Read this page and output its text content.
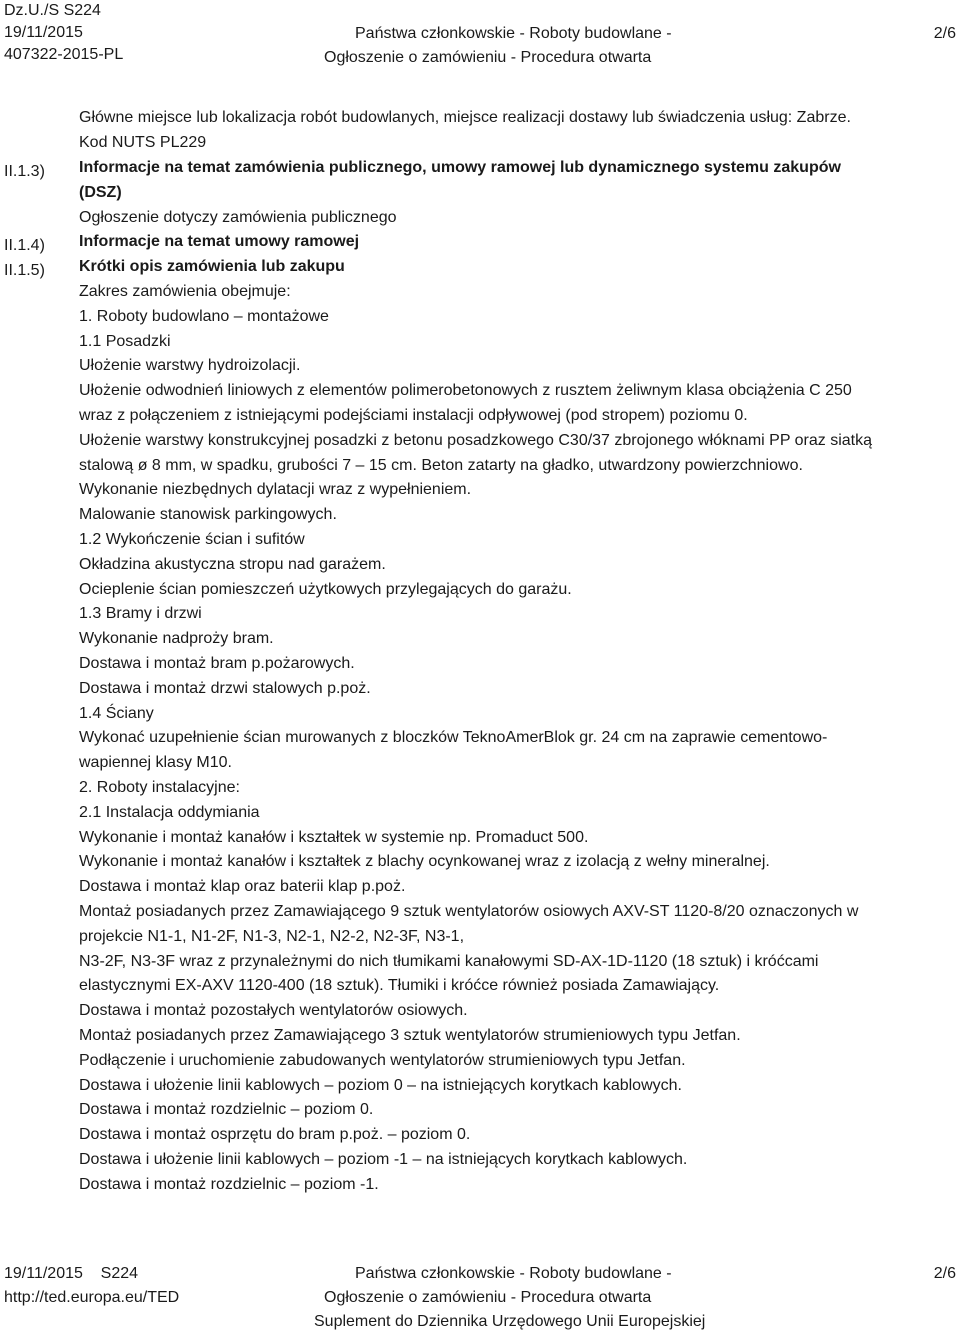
Dz.U./S S224
19/11/2015
407322-2015-PL
Państwa członkowskie - Roboty budowlane -
Ogłoszenie o zamówieniu - Procedura otwarta
2/6
Główne miejsce lub lokalizacja robót budowlanych, miejsce realizacji dostawy lub świadczenia usług: Zabrze.
Kod NUTS PL229
Informacje na temat zamówienia publicznego, umowy ramowej lub dynamicznego systemu zakupów
(DSZ)
Ogłoszenie dotyczy zamówienia publicznego
Informacje na temat umowy ramowej
Krótki opis zamówienia lub zakupu
Zakres zamówienia obejmuje:
1. Roboty budowlano – montażowe
1.1 Posadzki
Ułożenie warstwy hydroizolacji.
Ułożenie odwodnień liniowych z elementów polimerobetonowych z rusztem żeliwnym klasa obciążenia C 250
wraz z połączeniem z istniejącymi podejściami instalacji odpływowej (pod stropem) poziomu 0.
Ułożenie warstwy konstrukcyjnej posadzki z betonu posadzkowego C30/37 zbrojonego włóknami PP oraz siatką
stalową ø 8 mm, w spadku, grubości 7 – 15 cm. Beton zatarty na gładko, utwardzony powierzchniowo.
Wykonanie niezbędnych dylatacji wraz z wypełnieniem.
Malowanie stanowisk parkingowych.
1.2 Wykończenie ścian i sufitów
Okładzina akustyczna stropu nad garażem.
Ocieplenie ścian pomieszczeń użytkowych przylegających do garażu.
1.3 Bramy i drzwi
Wykonanie nadproży bram.
Dostawa i montaż bram p.pożarowych.
Dostawa i montaż drzwi stalowych p.poż.
1.4 Ściany
Wykonać uzupełnienie ścian murowanych z bloczków TeknoAmerBlok gr. 24 cm na zaprawie cementowo-
wapiennej klasy M10.
2. Roboty instalacyjne:
2.1 Instalacja oddymiania
Wykonanie i montaż kanałów i kształtek w systemie np. Promaduct 500.
Wykonanie i montaż kanałów i kształtek z blachy ocynkowanej wraz z izolacją z wełny mineralnej.
Dostawa i montaż klap oraz baterii klap p.poż.
Montaż posiadanych przez Zamawiającego 9 sztuk wentylatorów osiowych AXV-ST 1120-8/20 oznaczonych w
projekcie N1-1, N1-2F, N1-3, N2-1, N2-2, N2-3F, N3-1,
N3-2F, N3-3F wraz z przynależnymi do nich tłumikami kanałowymi SD-AX-1D-1120 (18 sztuk) i króćcami
elastycznymi EX-AXV 1120-400 (18 sztuk). Tłumiki i króćce również posiada Zamawiający.
Dostawa i montaż pozostałych wentylatorów osiowych.
Montaż posiadanych przez Zamawiającego 3 sztuk wentylatorów strumieniowych typu Jetfan.
Podłączenie i uruchomienie zabudowanych wentylatorów strumieniowych typu Jetfan.
Dostawa i ułożenie linii kablowych – poziom 0 – na istniejących korytkach kablowych.
Dostawa i montaż rozdzielnic – poziom 0.
Dostawa i montaż osprzętu do bram p.poż. – poziom 0.
Dostawa i ułożenie linii kablowych – poziom -1 – na istniejących korytkach kablowych.
Dostawa i montaż rozdzielnic – poziom -1.
II.1.3)
II.1.4)
II.1.5)
19/11/2015    S224
http://ted.europa.eu/TED
Państwa członkowskie - Roboty budowlane -
Ogłoszenie o zamówieniu - Procedura otwarta
Suplement do Dziennika Urzędowego Unii Europejskiej
2/6
